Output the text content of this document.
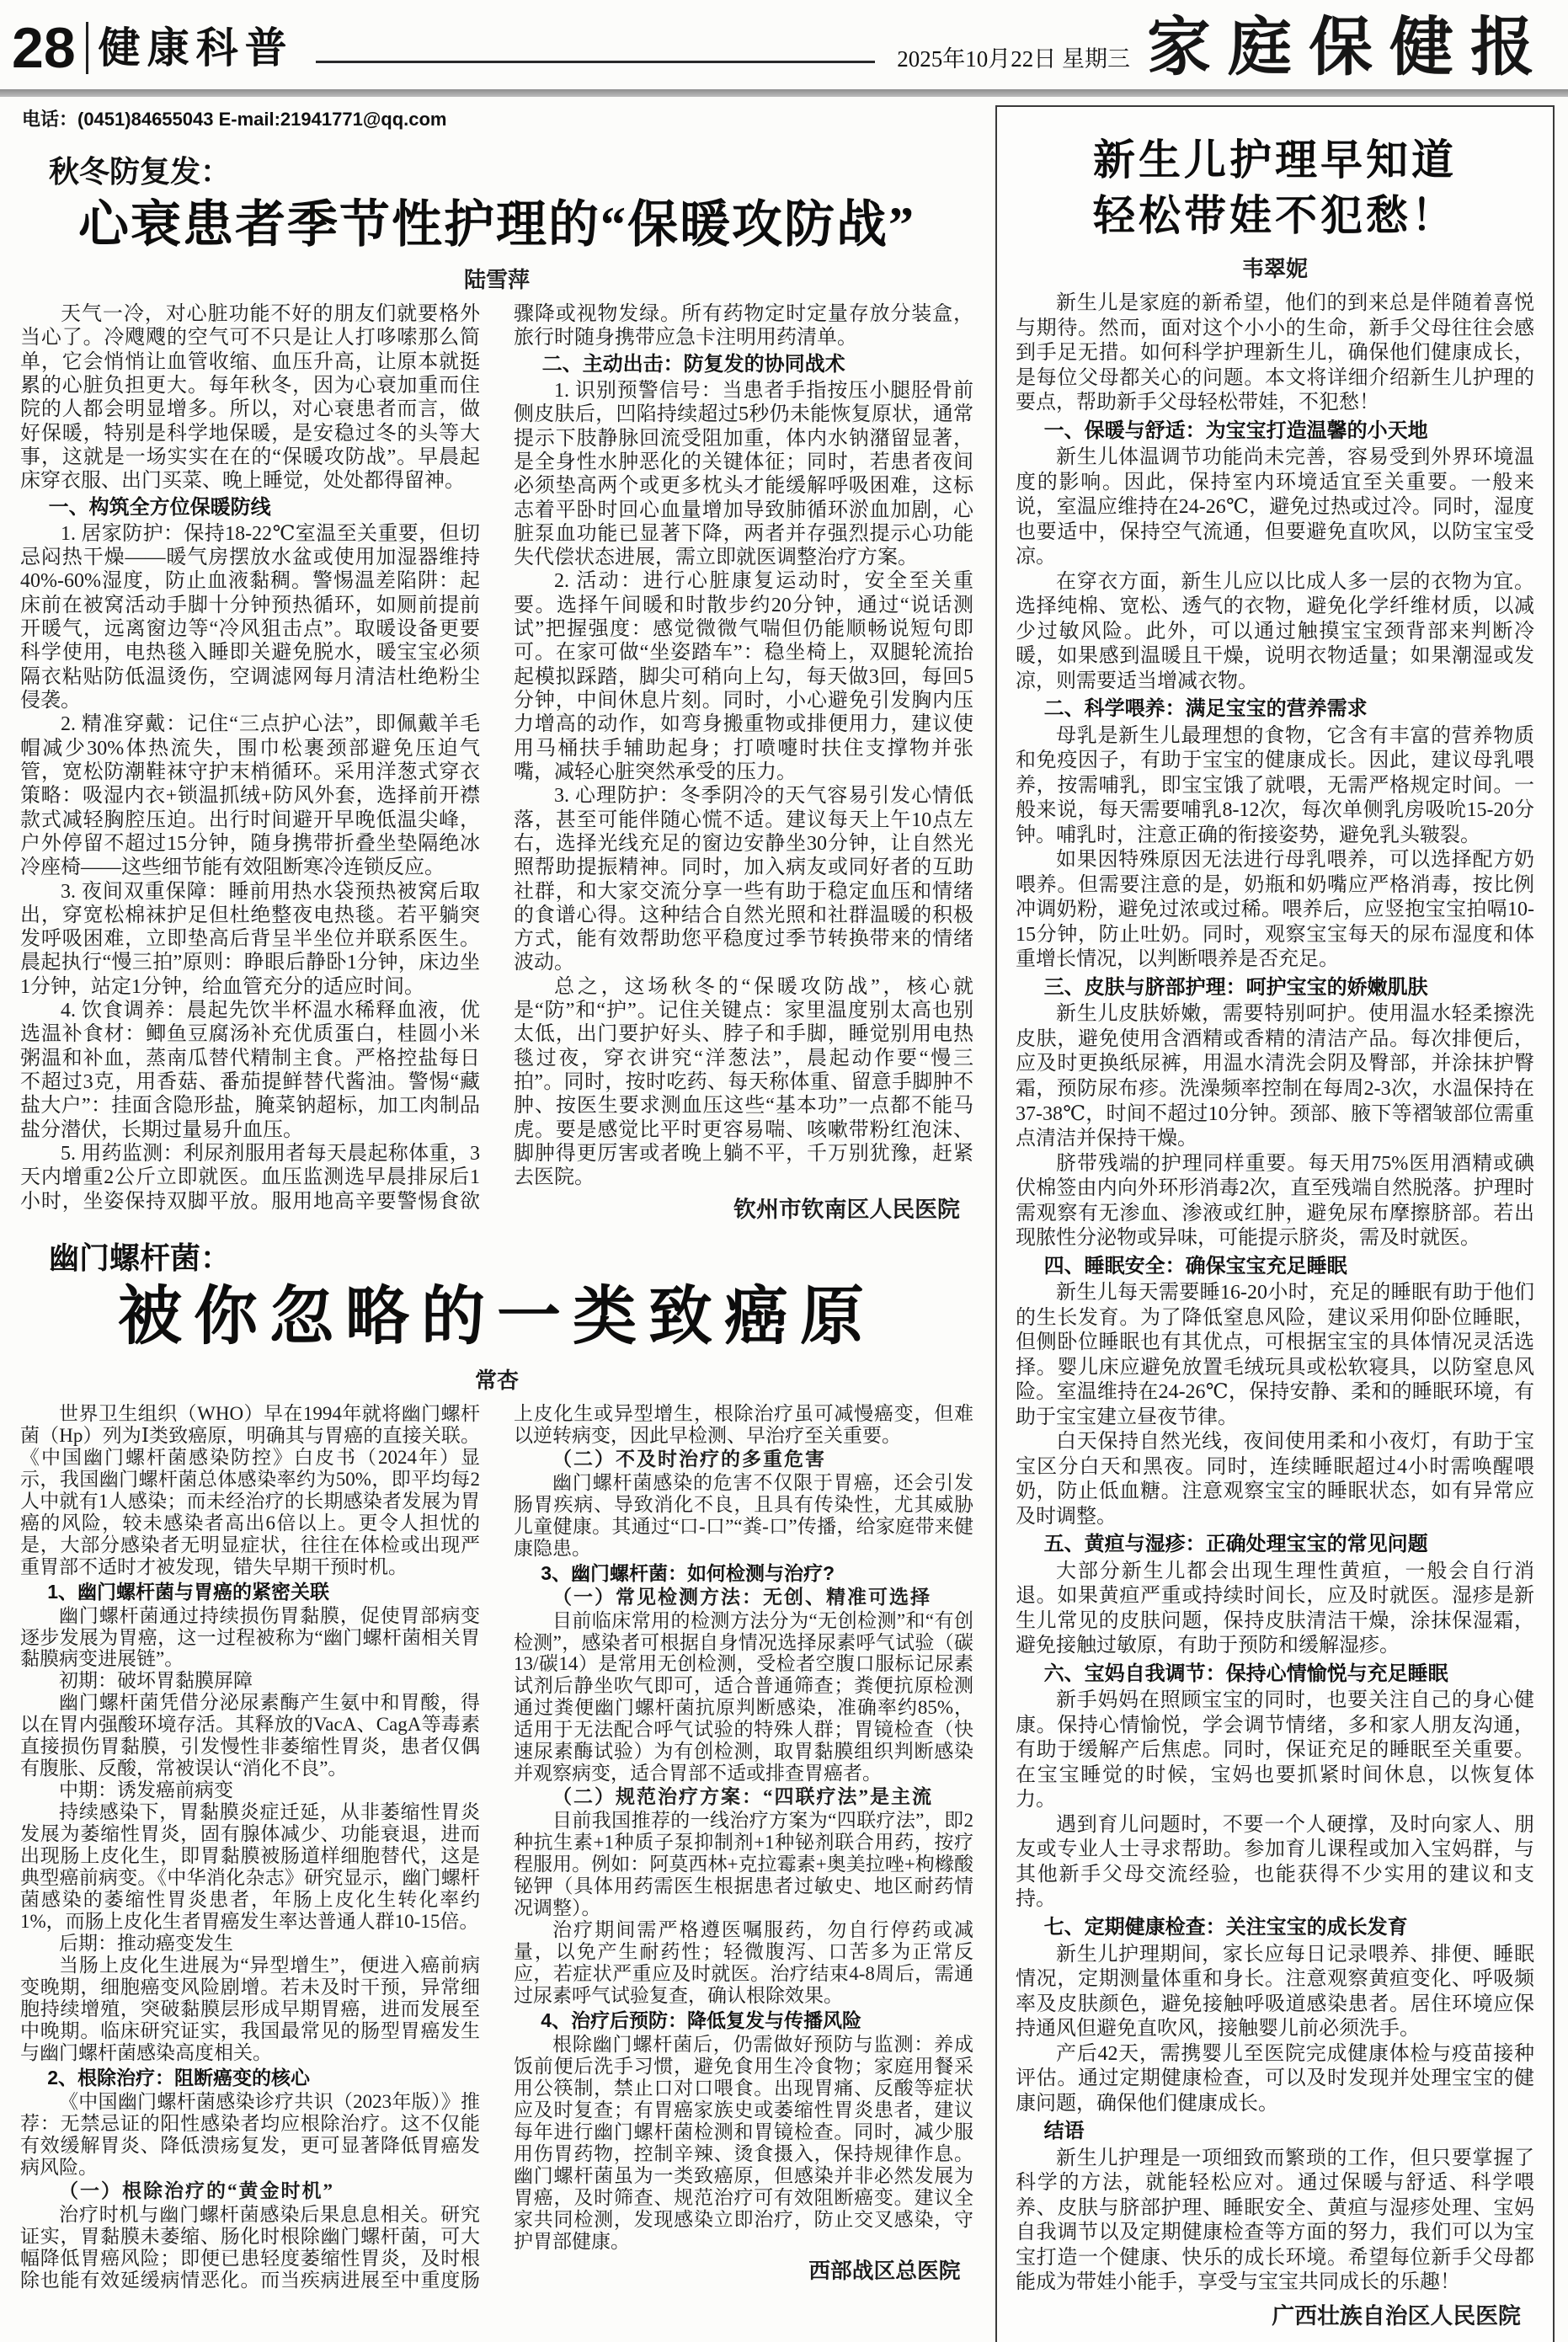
28 健康科普	2025年10月22日 星期三 家庭保健报
电话：(0451)84655043 E-mail:21941771@qq.com
秋冬防复发：
心衰患者季节性护理的“保暖攻防战”
陆雪萍

天气一冷，对心脏功能不好的朋友们就要格外当心了。冷飕飕的空气可不只是让人打哆嗦那么简单，它会悄悄让血管收缩、血压升高，让原本就挺累的心脏负担更大。每年秋冬，因为心衰加重而住院的人都会明显增多。所以，对心衰患者而言，做好保暖，特别是科学地保暖，是安稳过冬的头等大事，这就是一场实实在在的“保暖攻防战”。早晨起床穿衣服、出门买菜、晚上睡觉，处处都得留神。

一、构筑全方位保暖防线

1. 居家防护：保持18-22℃室温至关重要，但切忌闷热干燥——暖气房摆放水盆或使用加湿器维持40%-60%湿度，防止血液黏稠。警惕温差陷阱：起床前在被窝活动手脚十分钟预热循环，如厕前提前开暖气，远离窗边等“冷风狙击点”。取暖设备更要科学使用，电热毯入睡即关避免脱水，暖宝宝必须隔衣粘贴防低温烫伤，空调滤网每月清洁杜绝粉尘侵袭。

2. 精准穿戴：记住“三点护心法”，即佩戴羊毛帽减少30%体热流失，围巾松裹颈部避免压迫气管，宽松防潮鞋袜守护末梢循环。采用洋葱式穿衣策略：吸湿内衣+锁温抓绒+防风外套，选择前开襟款式减轻胸腔压迫。出行时间避开早晚低温尖峰，户外停留不超过15分钟，随身携带折叠坐垫隔绝冰冷座椅——这些细节能有效阻断寒冷连锁反应。

3. 夜间双重保障：睡前用热水袋预热被窝后取出，穿宽松棉袜护足但杜绝整夜电热毯。若平躺突发呼吸困难，立即垫高后背呈半坐位并联系医生。晨起执行“慢三拍”原则：睁眼后静卧1分钟，床边坐1分钟，站定1分钟，给血管充分的适应时间。

4. 饮食调养：晨起先饮半杯温水稀释血液，优选温补食材：鲫鱼豆腐汤补充优质蛋白，桂圆小米粥温和补血，蒸南瓜替代精制主食。严格控盐每日不超过3克，用香菇、番茄提鲜替代酱油。警惕“藏盐大户”：挂面含隐形盐，腌菜钠超标，加工肉制品盐分潜伏，长期过量易升血压。

5. 用药监测：利尿剂服用者每天晨起称体重，3天内增重2公斤立即就医。血压监测选早晨排尿后1小时，坐姿保持双脚平放。服用地高辛要警惕食欲骤降或视物发绿。所有药物定时定量存放分装盒，旅行时随身携带应急卡注明用药清单。

二、主动出击：防复发的协同战术

1. 识别预警信号：当患者手指按压小腿胫骨前侧皮肤后，凹陷持续超过5秒仍未能恢复原状，通常提示下肢静脉回流受阻加重，体内水钠潴留显著，是全身性水肿恶化的关键体征；同时，若患者夜间必须垫高两个或更多枕头才能缓解呼吸困难，这标志着平卧时回心血量增加导致肺循环淤血加剧，心脏泵血功能已显著下降，两者并存强烈提示心功能失代偿状态进展，需立即就医调整治疗方案。

2. 活动：进行心脏康复运动时，安全至关重要。选择午间暖和时散步约20分钟，通过“说话测试”把握强度：感觉微微气喘但仍能顺畅说短句即可。在家可做“坐姿踏车”：稳坐椅上，双腿轮流抬起模拟踩踏，脚尖可稍向上勾，每天做3回，每回5分钟，中间休息片刻。同时，小心避免引发胸内压力增高的动作，如弯身搬重物或排便用力，建议使用马桶扶手辅助起身；打喷嚏时扶住支撑物并张嘴，减轻心脏突然承受的压力。

3. 心理防护：冬季阴冷的天气容易引发心情低落，甚至可能伴随心慌不适。建议每天上午10点左右，选择光线充足的窗边安静坐30分钟，让自然光照帮助提振精神。同时，加入病友或同好者的互助社群，和大家交流分享一些有助于稳定血压和情绪的食谱心得。这种结合自然光照和社群温暖的积极方式，能有效帮助您平稳度过季节转换带来的情绪波动。

总之，这场秋冬的“保暖攻防战”，核心就是“防”和“护”。记住关键点：家里温度别太高也别太低，出门要护好头、脖子和手脚，睡觉别用电热毯过夜，穿衣讲究“洋葱法”，晨起动作要“慢三拍”。同时，按时吃药、每天称体重、留意手脚肿不肿、按医生要求测血压这些“基本功”一点都不能马虎。要是感觉比平时更容易喘、咳嗽带粉红泡沫、脚肿得更厉害或者晚上躺不平，千万别犹豫，赶紧去医院。

钦州市钦南区人民医院

幽门螺杆菌：
被你忽略的一类致癌原
常杏

世界卫生组织（WHO）早在1994年就将幽门螺杆菌（Hp）列为Ⅰ类致癌原，明确其与胃癌的直接关联。《中国幽门螺杆菌感染防控》白皮书（2024年）显示，我国幽门螺杆菌总体感染率约为50%，即平均每2人中就有1人感染；而未经治疗的长期感染者发展为胃癌的风险，较未感染者高出6倍以上。更令人担忧的是，大部分感染者无明显症状，往往在体检或出现严重胃部不适时才被发现，错失早期干预时机。

1、幽门螺杆菌与胃癌的紧密关联

幽门螺杆菌通过持续损伤胃黏膜，促使胃部病变逐步发展为胃癌，这一过程被称为“幽门螺杆菌相关胃黏膜病变进展链”。

初期：破坏胃黏膜屏障

幽门螺杆菌凭借分泌尿素酶产生氨中和胃酸，得以在胃内强酸环境存活。其释放的VacA、CagA等毒素直接损伤胃黏膜，引发慢性非萎缩性胃炎，患者仅偶有腹胀、反酸，常被误认“消化不良”。

中期：诱发癌前病变

持续感染下，胃黏膜炎症迁延，从非萎缩性胃炎发展为萎缩性胃炎，固有腺体减少、功能衰退，进而出现肠上皮化生，即胃黏膜被肠道样细胞替代，这是典型癌前病变。《中华消化杂志》研究显示，幽门螺杆菌感染的萎缩性胃炎患者，年肠上皮化生转化率约1%，而肠上皮化生者胃癌发生率达普通人群10-15倍。

后期：推动癌变发生

当肠上皮化生进展为“异型增生”，便进入癌前病变晚期，细胞癌变风险剧增。若未及时干预，异常细胞持续增殖，突破黏膜层形成早期胃癌，进而发展至中晚期。临床研究证实，我国最常见的肠型胃癌发生与幽门螺杆菌感染高度相关。

2、根除治疗：阻断癌变的核心

《中国幽门螺杆菌感染诊疗共识（2023年版）》推荐：无禁忌证的阳性感染者均应根除治疗。这不仅能有效缓解胃炎、降低溃疡复发，更可显著降低胃癌发病风险。

（一）根除治疗的“黄金时机”

治疗时机与幽门螺杆菌感染后果息息相关。研究证实，胃黏膜未萎缩、肠化时根除幽门螺杆菌，可大幅降低胃癌风险；即便已患轻度萎缩性胃炎，及时根除也能有效延缓病情恶化。而当疾病进展至中重度肠上皮化生或异型增生，根除治疗虽可减慢癌变，但难以逆转病变，因此早检测、早治疗至关重要。

（二）不及时治疗的多重危害

幽门螺杆菌感染的危害不仅限于胃癌，还会引发肠胃疾病、导致消化不良，且具有传染性，尤其威胁儿童健康。其通过“口-口”“粪-口”传播，给家庭带来健康隐患。

3、幽门螺杆菌：如何检测与治疗?

（一）常见检测方法：无创、精准可选择

目前临床常用的检测方法分为“无创检测”和“有创检测”，感染者可根据自身情况选择尿素呼气试验（碳13/碳14）是常用无创检测，受检者空腹口服标记尿素试剂后静坐吹气即可，适合普通筛查；粪便抗原检测通过粪便幽门螺杆菌抗原判断感染，准确率约85%，适用于无法配合呼气试验的特殊人群；胃镜检查（快速尿素酶试验）为有创检测，取胃黏膜组织判断感染并观察病变，适合胃部不适或排查胃癌者。

（二）规范治疗方案：“四联疗法”是主流

目前我国推荐的一线治疗方案为“四联疗法”，即2种抗生素+1种质子泵抑制剂+1种铋剂联合用药，按疗程服用。例如：阿莫西林+克拉霉素+奥美拉唑+枸橼酸铋钾（具体用药需医生根据患者过敏史、地区耐药情况调整）。

治疗期间需严格遵医嘱服药，勿自行停药或减量，以免产生耐药性；轻微腹泻、口苦多为正常反应，若症状严重应及时就医。治疗结束4-8周后，需通过尿素呼气试验复查，确认根除效果。

4、治疗后预防：降低复发与传播风险

根除幽门螺杆菌后，仍需做好预防与监测：养成饭前便后洗手习惯，避免食用生冷食物；家庭用餐采用公筷制，禁止口对口喂食。出现胃痛、反酸等症状应及时复查；有胃癌家族史或萎缩性胃炎患者，建议每年进行幽门螺杆菌检测和胃镜检查。同时，减少服用伤胃药物，控制辛辣、烫食摄入，保持规律作息。幽门螺杆菌虽为一类致癌原，但感染并非必然发展为胃癌，及时筛查、规范治疗可有效阻断癌变。建议全家共同检测，发现感染立即治疗，防止交叉感染，守护胃部健康。

西部战区总医院

新生儿护理早知道
轻松带娃不犯愁！
韦翠妮

新生儿是家庭的新希望，他们的到来总是伴随着喜悦与期待。然而，面对这个小小的生命，新手父母往往会感到手足无措。如何科学护理新生儿，确保他们健康成长，是每位父母都关心的问题。本文将详细介绍新生儿护理的要点，帮助新手父母轻松带娃，不犯愁！

一、保暖与舒适：为宝宝打造温馨的小天地

新生儿体温调节功能尚未完善，容易受到外界环境温度的影响。因此，保持室内环境适宜至关重要。一般来说，室温应维持在24-26℃，避免过热或过冷。同时，湿度也要适中，保持空气流通，但要避免直吹风，以防宝宝受凉。

在穿衣方面，新生儿应以比成人多一层的衣物为宜。选择纯棉、宽松、透气的衣物，避免化学纤维材质，以减少过敏风险。此外，可以通过触摸宝宝颈背部来判断冷暖，如果感到温暖且干燥，说明衣物适量；如果潮湿或发凉，则需要适当增减衣物。

二、科学喂养：满足宝宝的营养需求

母乳是新生儿最理想的食物，它含有丰富的营养物质和免疫因子，有助于宝宝的健康成长。因此，建议母乳喂养，按需哺乳，即宝宝饿了就喂，无需严格规定时间。一般来说，每天需要哺乳8-12次，每次单侧乳房吸吮15-20分钟。哺乳时，注意正确的衔接姿势，避免乳头皲裂。

如果因特殊原因无法进行母乳喂养，可以选择配方奶喂养。但需要注意的是，奶瓶和奶嘴应严格消毒，按比例冲调奶粉，避免过浓或过稀。喂养后，应竖抱宝宝拍嗝10-15分钟，防止吐奶。同时，观察宝宝每天的尿布湿度和体重增长情况，以判断喂养是否充足。

三、皮肤与脐部护理：呵护宝宝的娇嫩肌肤

新生儿皮肤娇嫩，需要特别呵护。使用温水轻柔擦洗皮肤，避免使用含酒精或香精的清洁产品。每次排便后，应及时更换纸尿裤，用温水清洗会阴及臀部，并涂抹护臀霜，预防尿布疹。洗澡频率控制在每周2-3次，水温保持在37-38℃，时间不超过10分钟。颈部、腋下等褶皱部位需重点清洁并保持干燥。

脐带残端的护理同样重要。每天用75%医用酒精或碘伏棉签由内向外环形消毒2次，直至残端自然脱落。护理时需观察有无渗血、渗液或红肿，避免尿布摩擦脐部。若出现脓性分泌物或异味，可能提示脐炎，需及时就医。

四、睡眠安全：确保宝宝充足睡眠

新生儿每天需要睡16-20小时，充足的睡眠有助于他们的生长发育。为了降低窒息风险，建议采用仰卧位睡眠，但侧卧位睡眠也有其优点，可根据宝宝的具体情况灵活选择。婴儿床应避免放置毛绒玩具或松软寝具，以防窒息风险。室温维持在24-26℃，保持安静、柔和的睡眠环境，有助于宝宝建立昼夜节律。

白天保持自然光线，夜间使用柔和小夜灯，有助于宝宝区分白天和黑夜。同时，连续睡眠超过4小时需唤醒喂奶，防止低血糖。注意观察宝宝的睡眠状态，如有异常应及时调整。

五、黄疸与湿疹：正确处理宝宝的常见问题

大部分新生儿都会出现生理性黄疸，一般会自行消退。如果黄疸严重或持续时间长，应及时就医。湿疹是新生儿常见的皮肤问题，保持皮肤清洁干燥，涂抹保湿霜，避免接触过敏原，有助于预防和缓解湿疹。

六、宝妈自我调节：保持心情愉悦与充足睡眠

新手妈妈在照顾宝宝的同时，也要关注自己的身心健康。保持心情愉悦，学会调节情绪，多和家人朋友沟通，有助于缓解产后焦虑。同时，保证充足的睡眠至关重要。在宝宝睡觉的时候，宝妈也要抓紧时间休息，以恢复体力。

遇到育儿问题时，不要一个人硬撑，及时向家人、朋友或专业人士寻求帮助。参加育儿课程或加入宝妈群，与其他新手父母交流经验，也能获得不少实用的建议和支持。

七、定期健康检查：关注宝宝的成长发育

新生儿护理期间，家长应每日记录喂养、排便、睡眠情况，定期测量体重和身长。注意观察黄疸变化、呼吸频率及皮肤颜色，避免接触呼吸道感染患者。居住环境应保持通风但避免直吹风，接触婴儿前必须洗手。

产后42天，需携婴儿至医院完成健康体检与疫苗接种评估。通过定期健康检查，可以及时发现并处理宝宝的健康问题，确保他们健康成长。

结语

新生儿护理是一项细致而繁琐的工作，但只要掌握了科学的方法，就能轻松应对。通过保暖与舒适、科学喂养、皮肤与脐部护理、睡眠安全、黄疸与湿疹处理、宝妈自我调节以及定期健康检查等方面的努力，我们可以为宝宝打造一个健康、快乐的成长环境。希望每位新手父母都能成为带娃小能手，享受与宝宝共同成长的乐趣！

广西壮族自治区人民医院
